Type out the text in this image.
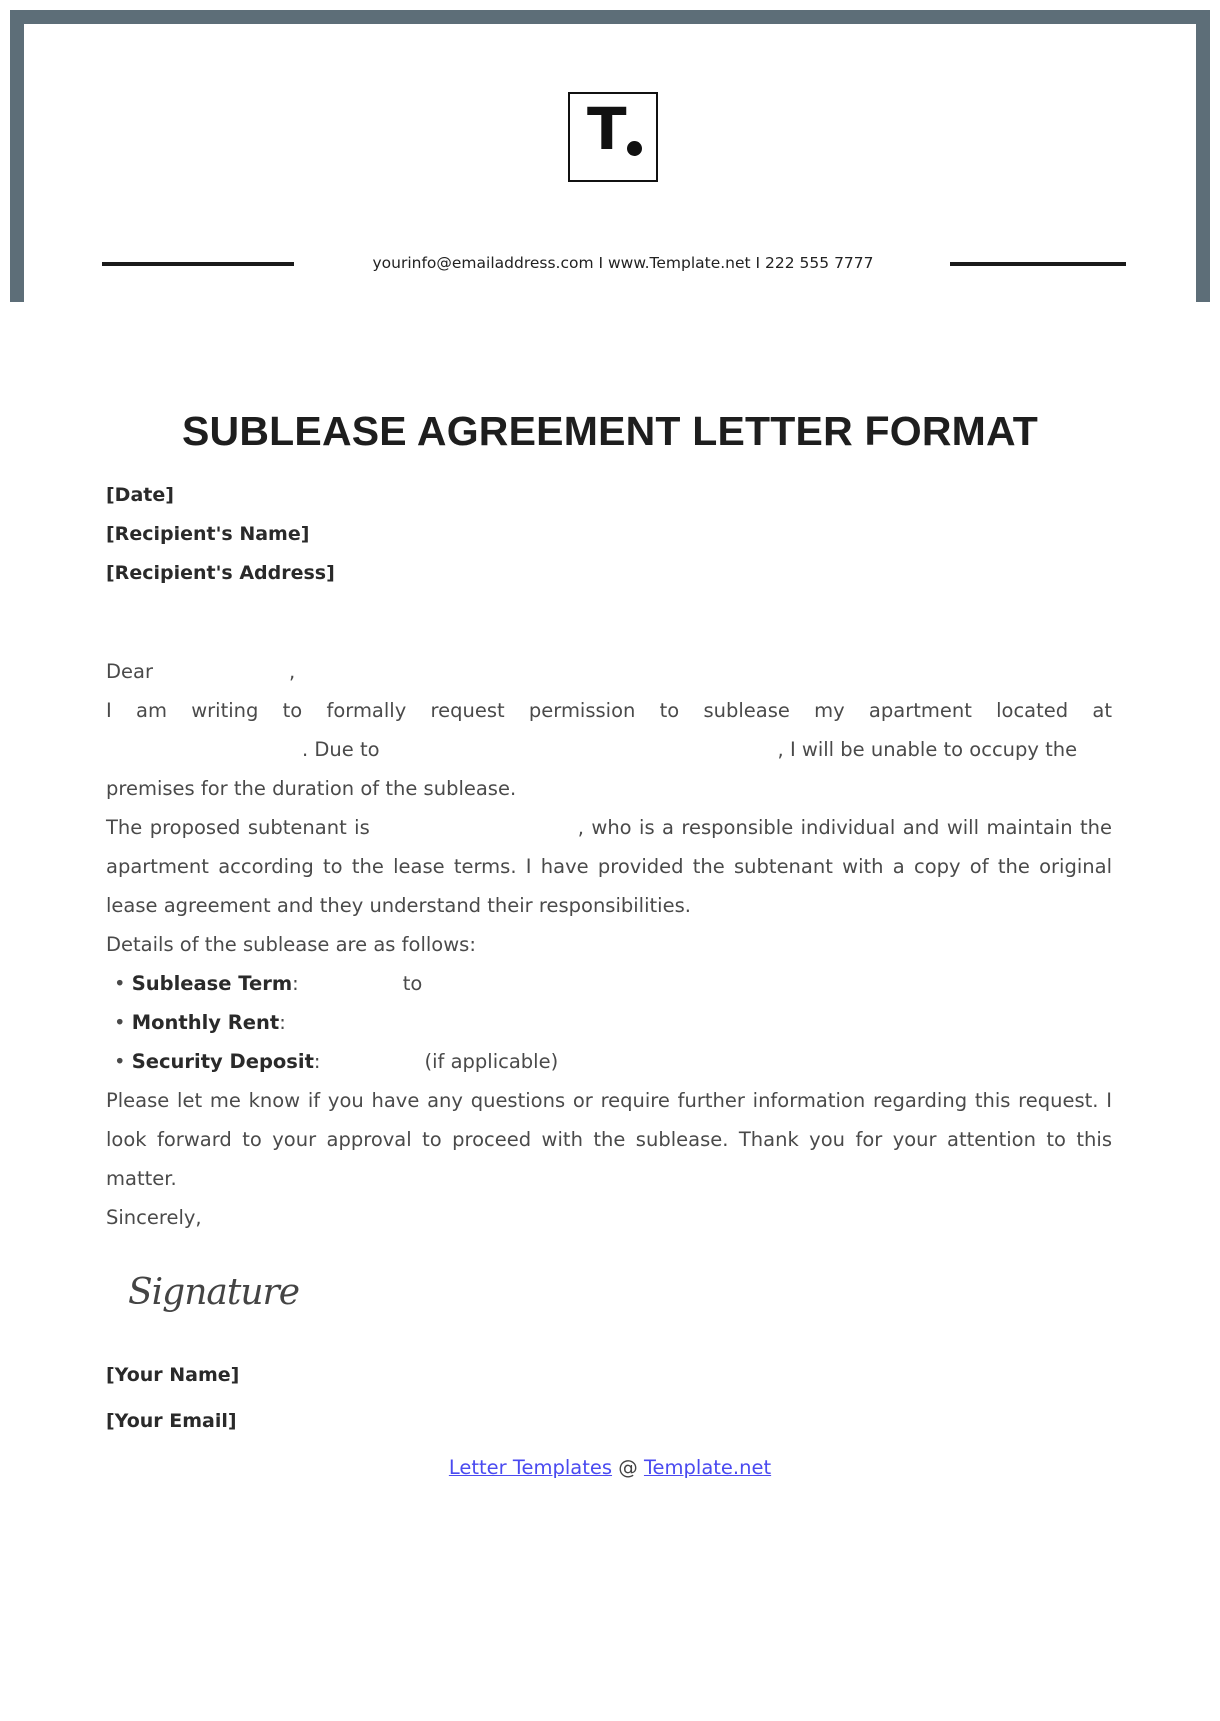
T
yourinfo@emailaddress.com I www.Template.net I 222 555 7777
SUBLEASE AGREEMENT LETTER FORMAT
[Date]
[Recipient's Name]
[Recipient's Address]

Dear	,

I am writing to formally request permission to sublease my apartment located at

. Due to	, I will be unable to occupy the

premises for the duration of the sublease.

The proposed subtenant is	, who is a responsible individual and will maintain the apartment according to the lease terms. I have provided the subtenant with a copy of the original lease agreement and they understand their responsibilities.

Details of the sublease are as follows:

• Sublease Term:	to

• Monthly Rent:

• Security Deposit:	(if applicable)

Please let me know if you have any questions or require further information regarding this request. I look forward to your approval to proceed with the sublease. Thank you for your attention to this matter.

Sincerely,

Signature
[Your Name]
[Your Email]
Letter Templates @ Template.net
